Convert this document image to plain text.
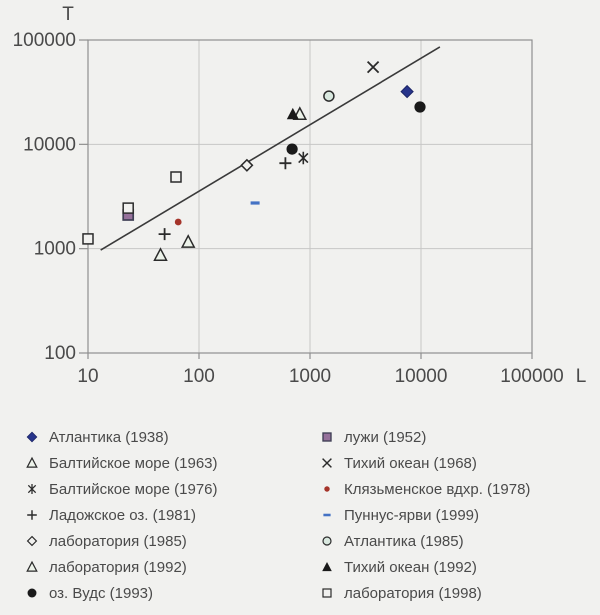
10	100	1000	10000	100000
100
1000
10000
100000
T
L
Атлантика (1938)
Балтийское море (1963)
Балтийское море (1976)
Ладожское оз. (1981)
лаборатория (1985)
лаборатория (1992)
оз. Вудс (1993)
лужи (1952)
Тихий океан (1968)
Клязьменское вдхр. (1978)
Пуннус-ярви (1999)
Атлантика (1985)
Тихий океан (1992)
лаборатория (1998)
